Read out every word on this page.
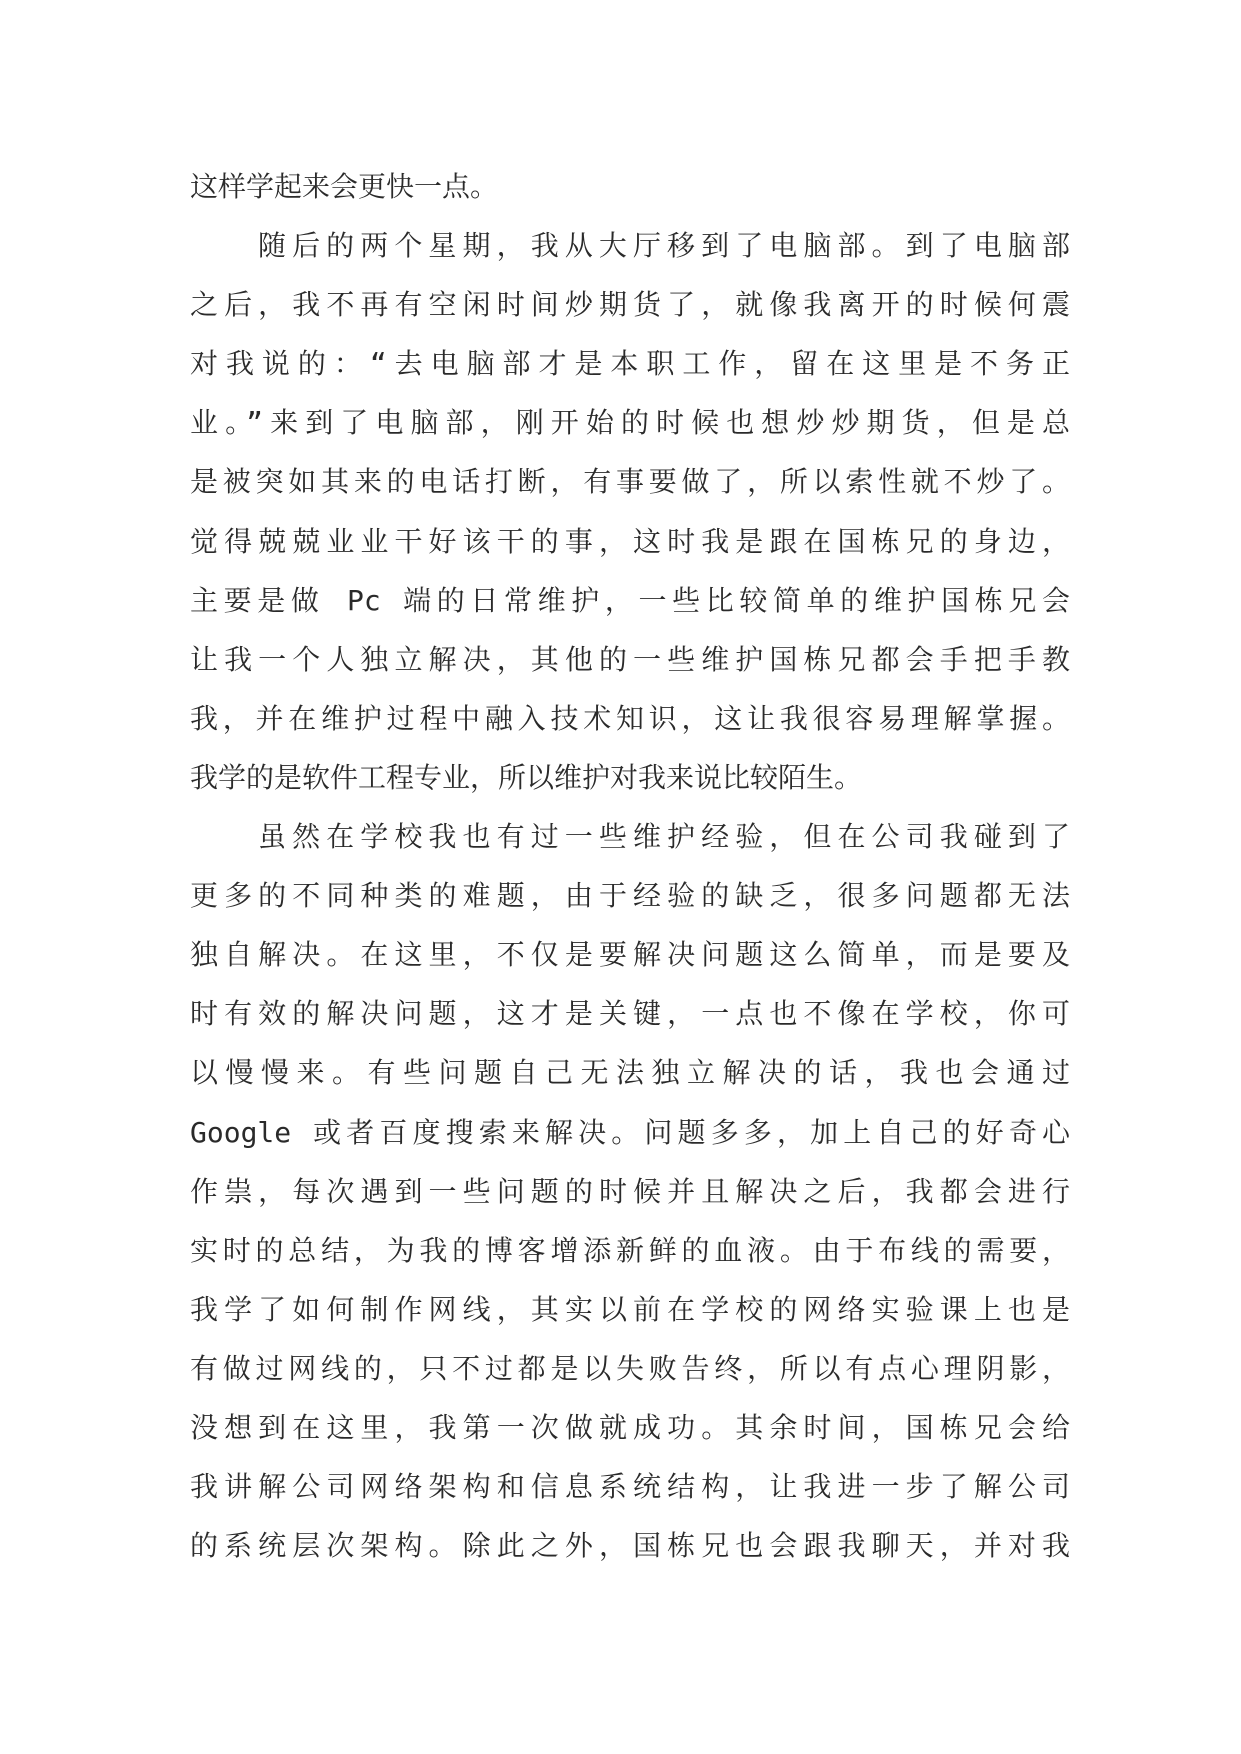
这样学起来会更快一点。
随后的两个星期，我从大厅移到了电脑部。到了电脑部
之后，我不再有空闲时间炒期货了，就像我离开的时候何震
对我说的：“去电脑部才是本职工作，留在这里是不务正
业。”来到了电脑部，刚开始的时候也想炒炒期货，但是总
是被突如其来的电话打断，有事要做了，所以索性就不炒了。
觉得兢兢业业干好该干的事，这时我是跟在国栋兄的身边，
主要是做 Pc 端的日常维护，一些比较简单的维护国栋兄会
让我一个人独立解决，其他的一些维护国栋兄都会手把手教
我，并在维护过程中融入技术知识，这让我很容易理解掌握。
我学的是软件工程专业，所以维护对我来说比较陌生。
虽然在学校我也有过一些维护经验，但在公司我碰到了
更多的不同种类的难题，由于经验的缺乏，很多问题都无法
独自解决。在这里，不仅是要解决问题这么简单，而是要及
时有效的解决问题，这才是关键，一点也不像在学校，你可
以慢慢来。有些问题自己无法独立解决的话，我也会通过
Google 或者百度搜索来解决。问题多多，加上自己的好奇心
作祟，每次遇到一些问题的时候并且解决之后，我都会进行
实时的总结，为我的博客增添新鲜的血液。由于布线的需要，
我学了如何制作网线，其实以前在学校的网络实验课上也是
有做过网线的，只不过都是以失败告终，所以有点心理阴影，
没想到在这里，我第一次做就成功。其余时间，国栋兄会给
我讲解公司网络架构和信息系统结构，让我进一步了解公司
的系统层次架构。除此之外，国栋兄也会跟我聊天，并对我
